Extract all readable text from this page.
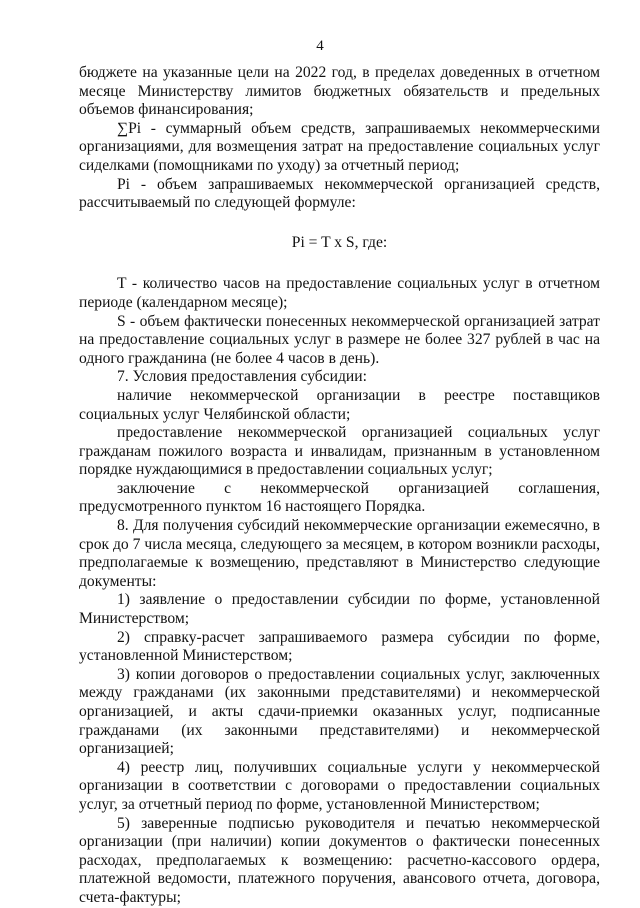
4

бюджете на указанные цели на 2022 год, в пределах доведенных в отчетном месяце Министерству лимитов бюджетных обязательств и предельных объемов финансирования;

∑Pi - суммарный объем средств, запрашиваемых некоммерческими организациями, для возмещения затрат на предоставление социальных услуг сиделками (помощниками по уходу) за отчетный период;

Pi - объем запрашиваемых некоммерческой организацией средств, рассчитываемый по следующей формуле:

Pi = T x S, где:

T - количество часов на предоставление социальных услуг в отчетном периоде (календарном месяце);

S - объем фактически понесенных некоммерческой организацией затрат на предоставление социальных услуг в размере не более 327 рублей в час на одного гражданина (не более 4 часов в день).

7. Условия предоставления субсидии:

наличие некоммерческой организации в реестре поставщиков социальных услуг Челябинской области;

предоставление некоммерческой организацией социальных услуг гражданам пожилого возраста и инвалидам, признанным в установленном порядке нуждающимися в предоставлении социальных услуг;

заключение с некоммерческой организацией соглашения, предусмотренного пунктом 16 настоящего Порядка.

8. Для получения субсидий некоммерческие организации ежемесячно, в срок до 7 числа месяца, следующего за месяцем, в котором возникли расходы, предполагаемые к возмещению, представляют в Министерство следующие документы:

1) заявление о предоставлении субсидии по форме, установленной Министерством;

2) справку-расчет запрашиваемого размера субсидии по форме, установленной Министерством;

3) копии договоров о предоставлении социальных услуг, заключенных между гражданами (их законными представителями) и некоммерческой организацией, и акты сдачи-приемки оказанных услуг, подписанные гражданами (их законными представителями) и некоммерческой организацией;

4) реестр лиц, получивших социальные услуги у некоммерческой организации в соответствии с договорами о предоставлении социальных услуг, за отчетный период по форме, установленной Министерством;

5) заверенные подписью руководителя и печатью некоммерческой организации (при наличии) копии документов о фактически понесенных расходах, предполагаемых к возмещению: расчетно-кассового ордера, платежной ведомости, платежного поручения, авансового отчета, договора, счета-фактуры;
